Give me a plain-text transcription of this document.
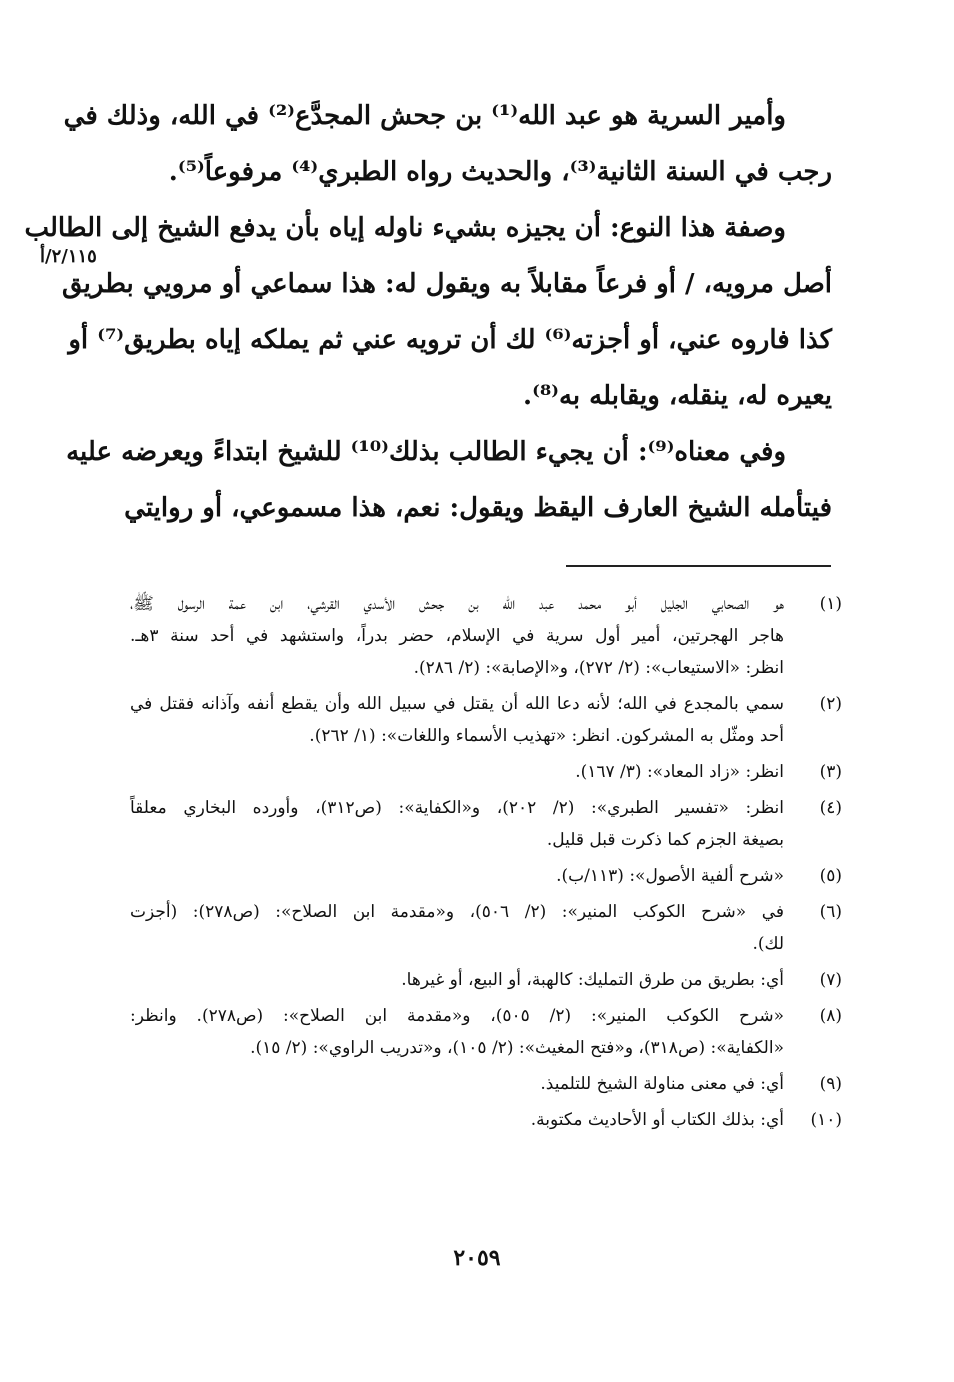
وأمير السرية هو عبد الله⁽¹⁾ بن جحش المجدَّع⁽²⁾ في الله، وذلك في
رجب في السنة الثانية⁽³⁾، والحديث رواه الطبري⁽⁴⁾ مرفوعاً⁽⁵⁾.
وصفة هذا النوع: أن يجيزه بشيء ناوله إياه بأن يدفع الشيخ إلى الطالب
أصل مرويه، / أو فرعاً مقابلاً به ويقول له: هذا سماعي أو مرويي بطريق
كذا فاروه عني، أو أجزته⁽⁶⁾ لك أن ترويه عني ثم يملكه إياه بطريق⁽⁷⁾ أو
يعيره له، ينقله، ويقابله به⁽⁸⁾.
وفي معناه⁽⁹⁾: أن يجيء الطالب بذلك⁽¹⁰⁾ للشيخ ابتداءً ويعرضه عليه
فيتأمله الشيخ العارف اليقظ ويقول: نعم، هذا مسموعي، أو روايتي
٢/١١٥/أ
(١)
هو الصحابي الجليل أبو محمد عبد الله بن جحش الأسدي القرشي، ابن عمة الرسول ﷺ،
هاجر الهجرتين، أمير أول سرية في الإسلام، حضر بدراً، واستشهد في أحد سنة ٣هـ.
انظر: «الاستيعاب»: (٢/ ٢٧٢)، و«الإصابة»: (٢/ ٢٨٦).
(٢)
سمي بالمجدع في الله؛ لأنه دعا الله أن يقتل في سبيل الله وأن يقطع أنفه وآذانه فقتل في
أحد ومثّل به المشركون. انظر: «تهذيب الأسماء واللغات»: (١/ ٢٦٢).
(٣)
انظر: «زاد المعاد»: (٣/ ١٦٧).
(٤)
انظر: «تفسير الطبري»: (٢/ ٢٠٢)، و«الكفاية»: (ص٣١٢)، وأورده البخاري معلقاً
بصيغة الجزم كما ذكرت قبل قليل.
(٥)
«شرح ألفية الأصول»: (١١٣/ب).
(٦)
في «شرح الكوكب المنير»: (٢/ ٥٠٦)، و«مقدمة ابن الصلاح»: (ص٢٧٨): (أجزت
لك).
(٧)
أي: بطريق من طرق التمليك: كالهبة، أو البيع، أو غيرها.
(٨)
«شرح الكوكب المنير»: (٢/ ٥٠٥)، و«مقدمة ابن الصلاح»: (ص٢٧٨). وانظر:
«الكفاية»: (ص٣١٨)، و«فتح المغيث»: (٢/ ١٠٥)، و«تدريب الراوي»: (٢/ ١٥).
(٩)
أي: في معنى مناولة الشيخ للتلميذ.
(١٠)
أي: بذلك الكتاب أو الأحاديث مكتوبة.
٢٠٥٩
